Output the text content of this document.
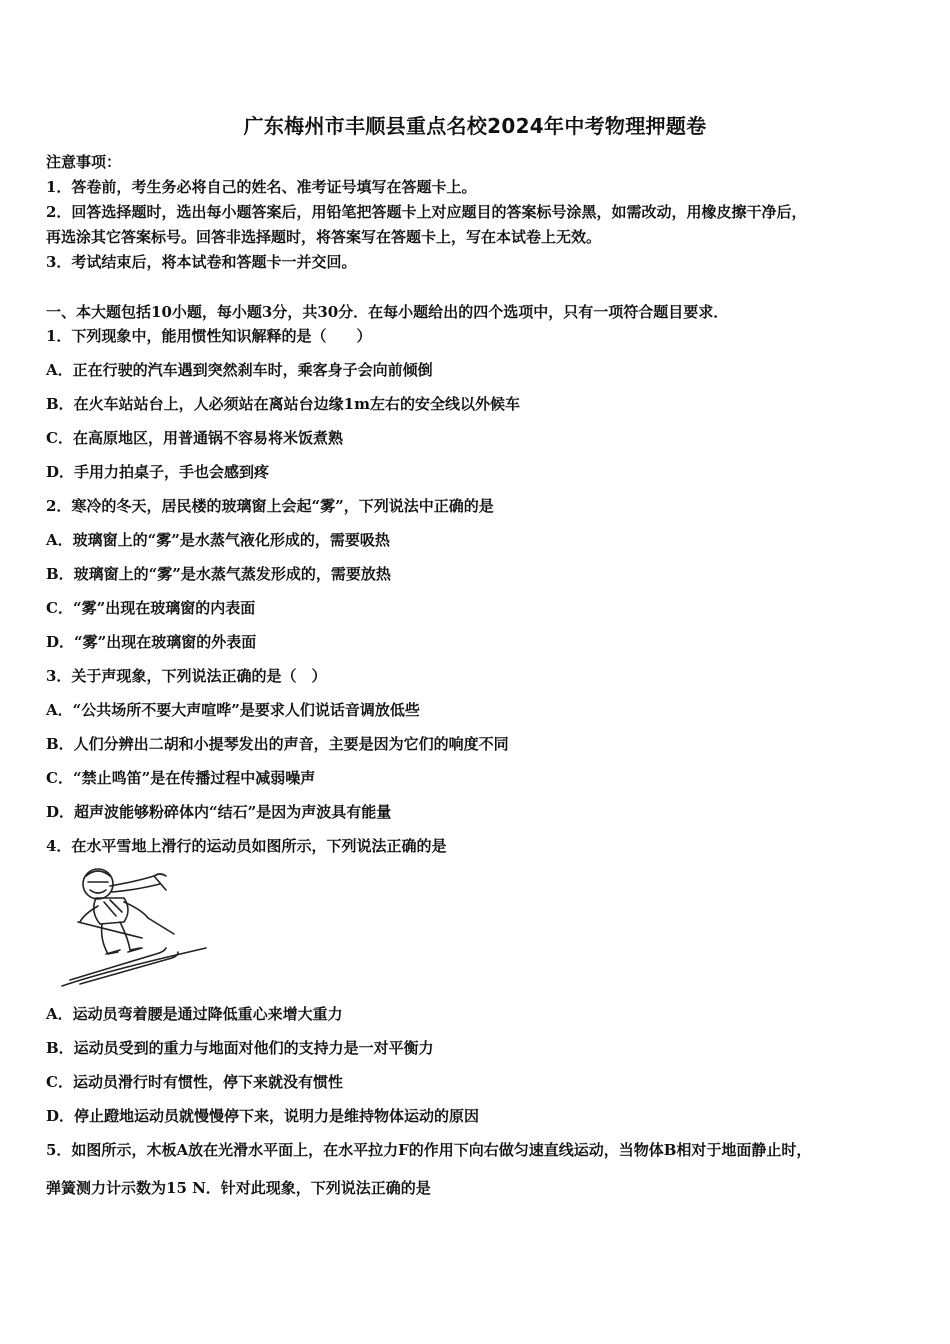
广东梅州市丰顺县重点名校2024年中考物理押题卷
注意事项：
1．答卷前，考生务必将自己的姓名、准考证号填写在答题卡上。
2．回答选择题时，选出每小题答案后，用铅笔把答题卡上对应题目的答案标号涂黑，如需改动，用橡皮擦干净后，
再选涂其它答案标号。回答非选择题时，将答案写在答题卡上，写在本试卷上无效。
3．考试结束后，将本试卷和答题卡一并交回。
一、本大题包括10小题，每小题3分，共30分．在每小题给出的四个选项中，只有一项符合题目要求．
1．下列现象中，能用惯性知识解释的是（　　）
A．正在行驶的汽车遇到突然刹车时，乘客身子会向前倾倒
B．在火车站站台上，人必须站在离站台边缘1m左右的安全线以外候车
C．在高原地区，用普通锅不容易将米饭煮熟
D．手用力拍桌子，手也会感到疼
2．寒冷的冬天，居民楼的玻璃窗上会起“雾”，下列说法中正确的是
A．玻璃窗上的“雾”是水蒸气液化形成的，需要吸热
B．玻璃窗上的“雾”是水蒸气蒸发形成的，需要放热
C．“雾”出现在玻璃窗的内表面
D．“雾”出现在玻璃窗的外表面
3．关于声现象，下列说法正确的是（　）
A．“公共场所不要大声喧哗”是要求人们说话音调放低些
B．人们分辨出二胡和小提琴发出的声音，主要是因为它们的响度不同
C．“禁止鸣笛”是在传播过程中减弱噪声
D．超声波能够粉碎体内“结石”是因为声波具有能量
4．在水平雪地上滑行的运动员如图所示，下列说法正确的是
A．运动员弯着腰是通过降低重心来增大重力
B．运动员受到的重力与地面对他们的支持力是一对平衡力
C．运动员滑行时有惯性，停下来就没有惯性
D．停止蹬地运动员就慢慢停下来，说明力是维持物体运动的原因
5．如图所示，木板A放在光滑水平面上，在水平拉力F的作用下向右做匀速直线运动，当物体B相对于地面静止时，
弹簧测力计示数为15 N．针对此现象，下列说法正确的是
